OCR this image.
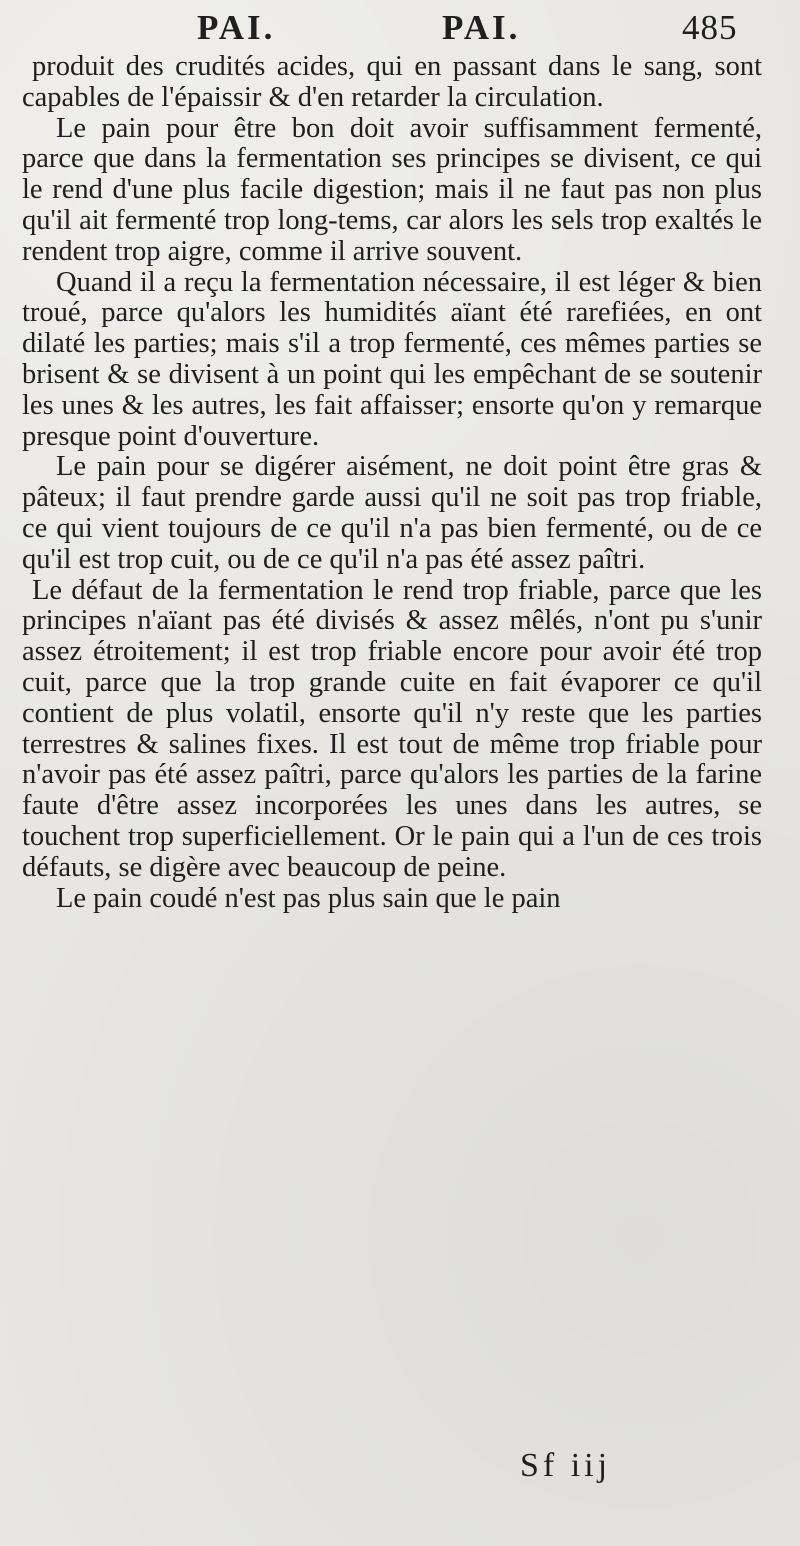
PAI.	PAI.	485

produit des crudités acides, qui en passant dans le sang, sont capables de l'épaissir & d'en retarder la circulation.

Le pain pour être bon doit avoir suffisamment fermenté, parce que dans la fermentation ses principes se divisent, ce qui le rend d'une plus facile digestion; mais il ne faut pas non plus qu'il ait fermenté trop long-tems, car alors les sels trop exaltés le rendent trop aigre, comme il arrive souvent.

Quand il a reçu la fermentation nécessaire, il est léger & bien troué, parce qu'alors les humidités aïant été rarefiées, en ont dilaté les parties; mais s'il a trop fermenté, ces mêmes parties se brisent & se divisent à un point qui les empêchant de se soutenir les unes & les autres, les fait affaisser; ensorte qu'on y remarque presque point d'ouverture.

Le pain pour se digérer aisément, ne doit point être gras & pâteux; il faut prendre garde aussi qu'il ne soit pas trop friable, ce qui vient toujours de ce qu'il n'a pas bien fermenté, ou de ce qu'il est trop cuit, ou de ce qu'il n'a pas été assez paîtri.

Le défaut de la fermentation le rend trop friable, parce que les principes n'aïant pas été divisés & assez mêlés, n'ont pu s'unir assez étroitement; il est trop friable encore pour avoir été trop cuit, parce que la trop grande cuite en fait évaporer ce qu'il contient de plus volatil, ensorte qu'il n'y reste que les parties terrestres & salines fixes. Il est tout de même trop friable pour n'avoir pas été assez paîtri, parce qu'alors les parties de la farine faute d'être assez incorporées les unes dans les autres, se touchent trop superficiellement. Or le pain qui a l'un de ces trois défauts, se digère avec beaucoup de peine.

Le pain coudé n'est pas plus sain que le pain

Sf iij
